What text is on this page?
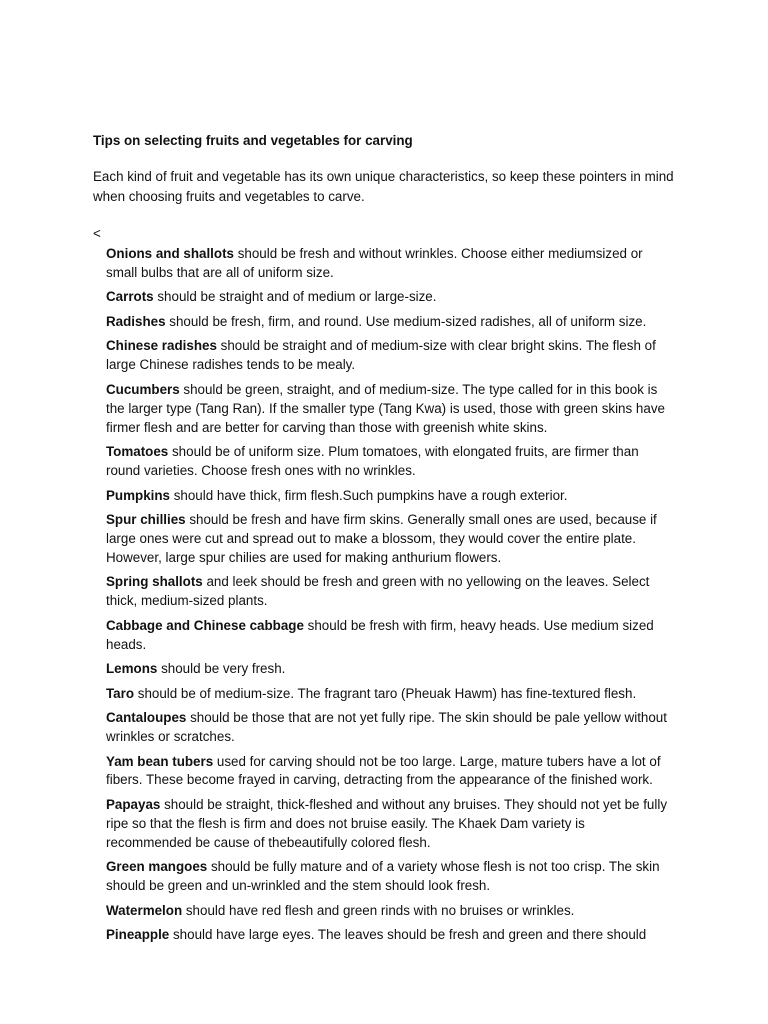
Tips on selecting fruits and vegetables for carving

Each kind of fruit and vegetable has its own unique characteristics, so keep these pointers in mind when choosing fruits and vegetables to carve.

<

Onions and shallots should be fresh and without wrinkles. Choose either mediumsized or small bulbs that are all of uniform size.
Carrots should be straight and of medium or large-size.
Radishes should be fresh, firm, and round. Use medium-sized radishes, all of uniform size.
Chinese radishes should be straight and of medium-size with clear bright skins. The flesh of large Chinese radishes tends to be mealy.
Cucumbers should be green, straight, and of medium-size. The type called for in this book is the larger type (Tang Ran). If the smaller type (Tang Kwa) is used, those with green skins have firmer flesh and are better for carving than those with greenish white skins.
Tomatoes should be of uniform size. Plum tomatoes, with elongated fruits, are firmer than round varieties. Choose fresh ones with no wrinkles.
Pumpkins should have thick, firm flesh.Such pumpkins have a rough exterior.
Spur chillies should be fresh and have firm skins. Generally small ones are used, because if large ones were cut and spread out to make a blossom, they would cover the entire plate. However, large spur chilies are used for making anthurium flowers.
Spring shallots and leek should be fresh and green with no yellowing on the leaves. Select thick, medium-sized plants.
Cabbage and Chinese cabbage should be fresh with firm, heavy heads. Use medium sized heads.
Lemons should be very fresh.
Taro should be of medium-size. The fragrant taro (Pheuak Hawm) has fine-textured flesh.
Cantaloupes should be those that are not yet fully ripe. The skin should be pale yellow without wrinkles or scratches.
Yam bean tubers used for carving should not be too large. Large, mature tubers have a lot of fibers. These become frayed in carving, detracting from the appearance of the finished work.
Papayas should be straight, thick-fleshed and without any bruises. They should not yet be fully ripe so that the flesh is firm and does not bruise easily. The Khaek Dam variety is recommended be cause of thebeautifully colored flesh.
Green mangoes should be fully mature and of a variety whose flesh is not too crisp. The skin should be green and un-wrinkled and the stem should look fresh.
Watermelon should have red flesh and green rinds with no bruises or wrinkles.
Pineapple should have large eyes. The leaves should be fresh and green and there should
